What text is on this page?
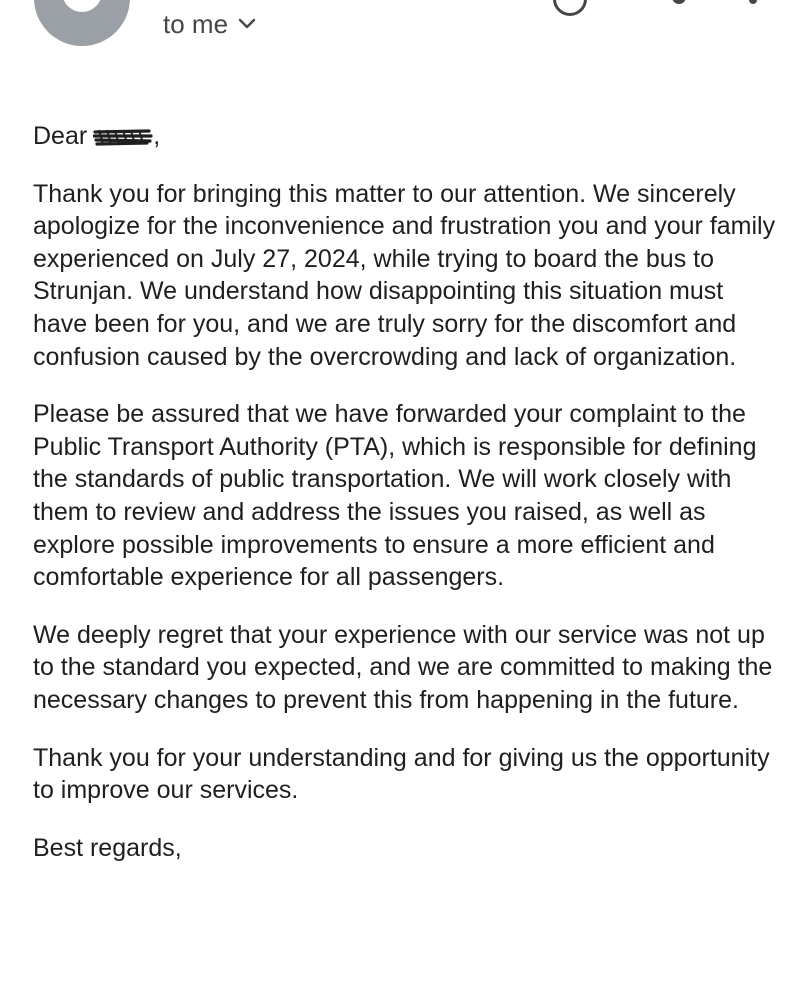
to me

Dear	,

Thank you for bringing this matter to our attention. We sincerely apologize for the inconvenience and frustration you and your family experienced on July 27, 2024, while trying to board the bus to Strunjan. We understand how disappointing this situation must have been for you, and we are truly sorry for the discomfort and confusion caused by the overcrowding and lack of organization.

Please be assured that we have forwarded your complaint to the Public Transport Authority (PTA), which is responsible for defining the standards of public transportation. We will work closely with them to review and address the issues you raised, as well as explore possible improvements to ensure a more efficient and comfortable experience for all passengers.

We deeply regret that your experience with our service was not up to the standard you expected, and we are committed to making the necessary changes to prevent this from happening in the future.

Thank you for your understanding and for giving us the opportunity to improve our services.

Best regards,
